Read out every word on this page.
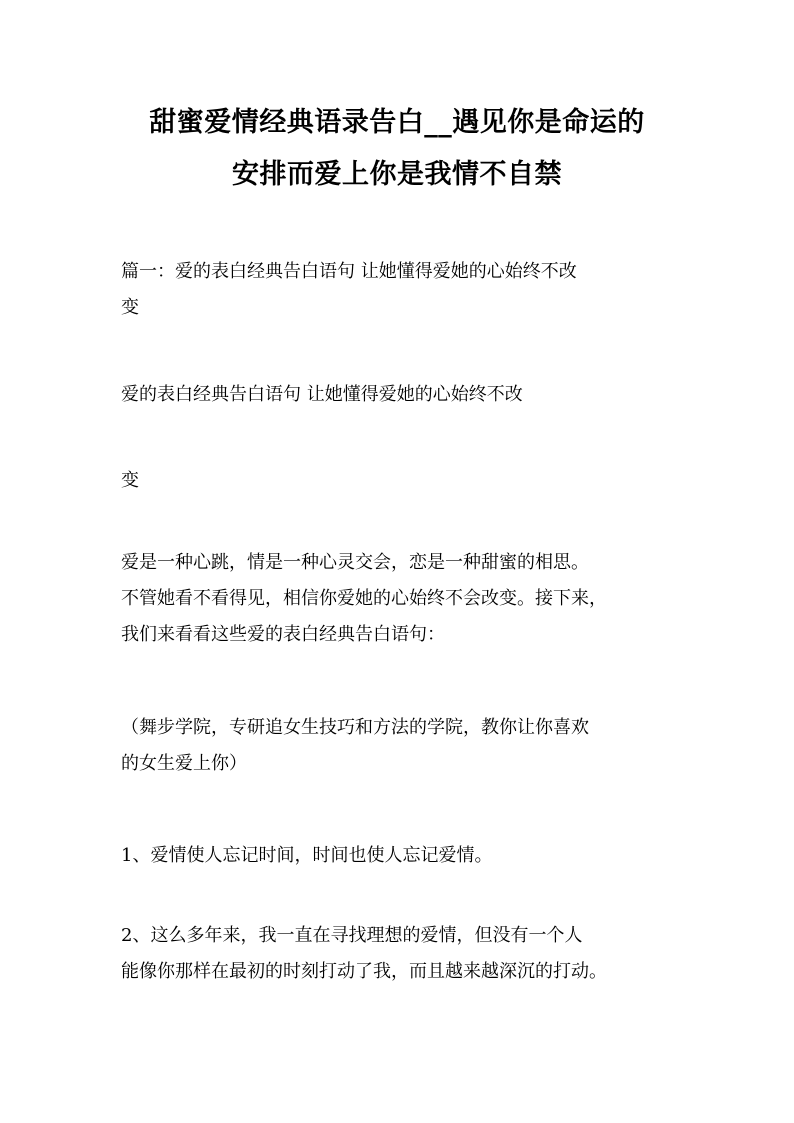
甜蜜爱情经典语录告白__遇见你是命运的
安排而爱上你是我情不自禁
篇一：爱的表白经典告白语句 让她懂得爱她的心始终不改
变
爱的表白经典告白语句 让她懂得爱她的心始终不改
变
爱是一种心跳，情是一种心灵交会，恋是一种甜蜜的相思。
不管她看不看得见，相信你爱她的心始终不会改变。接下来，
我们来看看这些爱的表白经典告白语句：
（舞步学院，专研追女生技巧和方法的学院，教你让你喜欢
的女生爱上你）
1、爱情使人忘记时间，时间也使人忘记爱情。
2、这么多年来，我一直在寻找理想的爱情，但没有一个人
能像你那样在最初的时刻打动了我，而且越来越深沉的打动。
